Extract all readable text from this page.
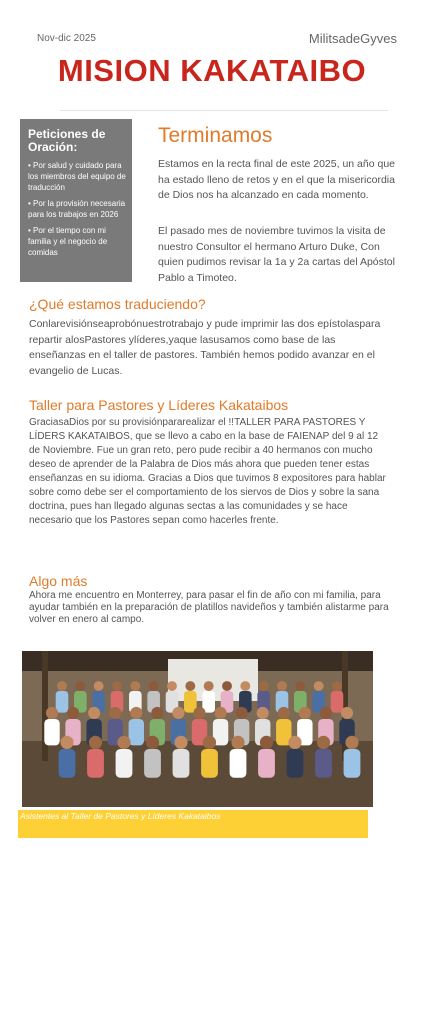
Nov-dic 2025	MilitsadeGyves
MISION KAKATAIBO
Peticiones de Oración:
• Por salud y cuidado para los miembros del equipo de traducción
• Por la provisión necesaria para los trabajos en 2026
• Por el tiempo con mi familia y el negocio de comidas
Terminamos

Estamos en la recta final de este 2025, un año que ha estado lleno de retos y en el que la misericordia de Dios nos ha alcanzado en cada momento.

El pasado mes de noviembre tuvimos la visita de nuestro Consultor el hermano Arturo Duke, Con quien pudimos revisar la 1a y 2a cartas del Apóstol Pablo a Timoteo.

¿Qué estamos traduciendo?

Conlarevisiónseaprobónuestrotrabajo y pude imprimir las dos epístolaspara repartir alosPastores ylíderes,yaque lasusamos como base de las enseñanzas en el taller de pastores. También hemos podido avanzar en el evangelio de Lucas.

Taller para Pastores y Líderes Kakataibos

GraciasaDios por su provisiónpararealizar el !!TALLER PARA PASTORES Y LÍDERS KAKATAIBOS, que se llevo a cabo en la base de FAIENAP del 9 al 12 de Noviembre. Fue un gran reto, pero pude recibir a 40 hermanos con mucho deseo de aprender de la Palabra de Dios más ahora que pueden tener estas enseñanzas en su idioma. Gracias a Dios que tuvimos 8 expositores para hablar sobre como debe ser el comportamiento de los siervos de Dios y sobre la sana doctrina, pues han llegado algunas sectas a las comunidades y se hace necesario que los Pastores sepan como hacerles frente.

Algo más

Ahora me encuentro en Monterrey, para pasar el fin de año con mi familia, para ayudar también en la preparación de platillos navideños y también alistarme para volver en enero al campo.

Asistentes al Taller de Pastores y Líderes Kakataibos
